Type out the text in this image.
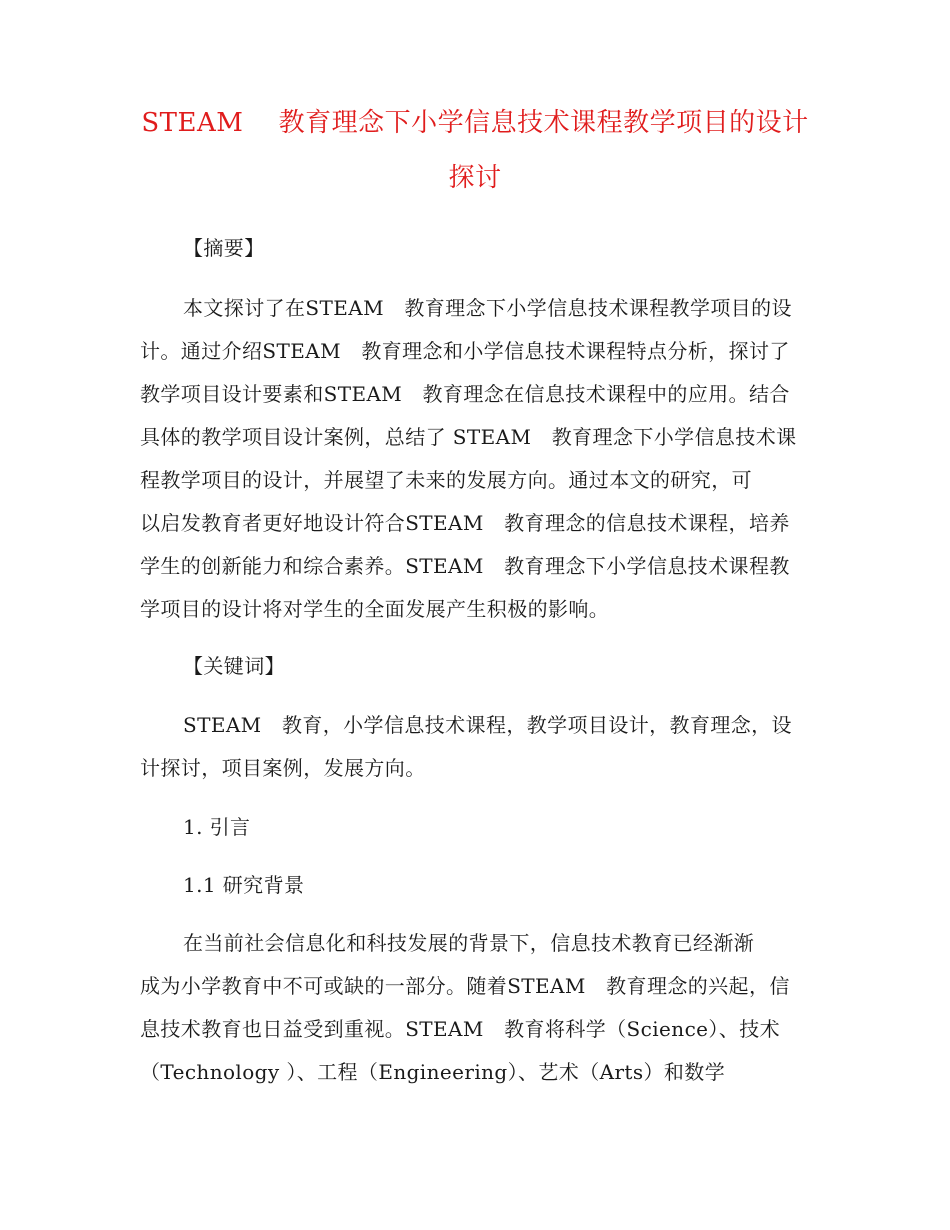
STEAM　 教育理念下小学信息技术课程教学项目的设计
探讨
【摘要】
本文探讨了在STEAM　教育理念下小学信息技术课程教学项目的设
计。通过介绍STEAM　教育理念和小学信息技术课程特点分析，探讨了
教学项目设计要素和STEAM　教育理念在信息技术课程中的应用。结合
具体的教学项目设计案例，总结了 STEAM　教育理念下小学信息技术课
程教学项目的设计，并展望了未来的发展方向。通过本文的研究，可
以启发教育者更好地设计符合STEAM　教育理念的信息技术课程，培养
学生的创新能力和综合素养。STEAM　教育理念下小学信息技术课程教
学项目的设计将对学生的全面发展产生积极的影响。
【关键词】
STEAM　教育，小学信息技术课程，教学项目设计，教育理念，设
计探讨，项目案例，发展方向。
1. 引言
1.1 研究背景
在当前社会信息化和科技发展的背景下，信息技术教育已经渐渐
成为小学教育中不可或缺的一部分。随着STEAM　教育理念的兴起，信
息技术教育也日益受到重视。STEAM　教育将科学（Science）、技术
（Technology ）、工程（Engineering）、艺术（Arts）和数学
